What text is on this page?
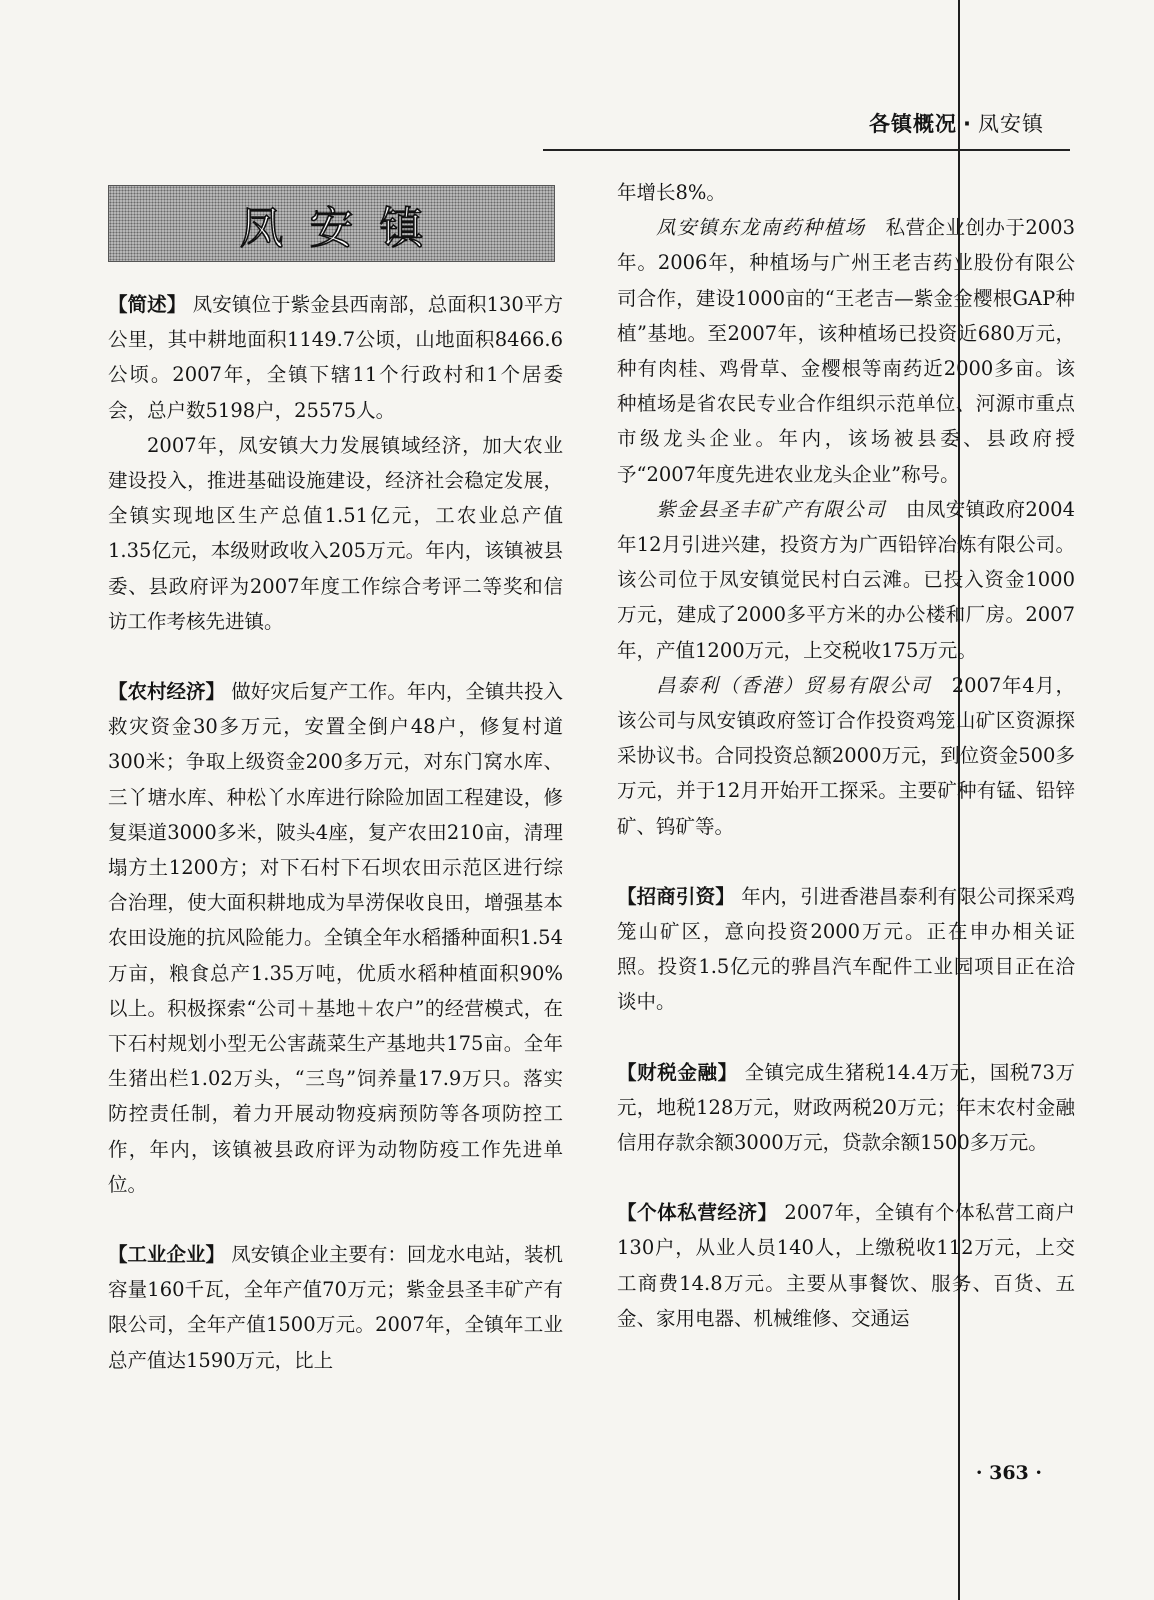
各镇概况 · 凤安镇
凤安镇

【简述】 凤安镇位于紫金县西南部，总面积130平方公里，其中耕地面积1149.7公顷，山地面积8466.6公顷。2007年，全镇下辖11个行政村和1个居委会，总户数5198户，25575人。

2007年，凤安镇大力发展镇域经济，加大农业建设投入，推进基础设施建设，经济社会稳定发展，全镇实现地区生产总值1.51亿元，工农业总产值1.35亿元，本级财政收入205万元。年内，该镇被县委、县政府评为2007年度工作综合考评二等奖和信访工作考核先进镇。

【农村经济】 做好灾后复产工作。年内，全镇共投入救灾资金30多万元，安置全倒户48户，修复村道300米；争取上级资金200多万元，对东门窝水库、三丫塘水库、种松丫水库进行除险加固工程建设，修复渠道3000多米，陂头4座，复产农田210亩，清理塌方土1200方；对下石村下石坝农田示范区进行综合治理，使大面积耕地成为旱涝保收良田，增强基本农田设施的抗风险能力。全镇全年水稻播种面积1.54万亩，粮食总产1.35万吨，优质水稻种植面积90%以上。积极探索“公司＋基地＋农户”的经营模式，在下石村规划小型无公害蔬菜生产基地共175亩。全年生猪出栏1.02万头，“三鸟”饲养量17.9万只。落实防控责任制，着力开展动物疫病预防等各项防控工作，年内，该镇被县政府评为动物防疫工作先进单位。

【工业企业】 凤安镇企业主要有：回龙水电站，装机容量160千瓦，全年产值70万元；紫金县圣丰矿产有限公司，全年产值1500万元。2007年，全镇年工业总产值达1590万元，比上

年增长8%。

凤安镇东龙南药种植场　 私营企业创办于2003年。2006年，种植场与广州王老吉药业股份有限公司合作，建设1000亩的“王老吉—紫金金樱根GAP种植”基地。至2007年，该种植场已投资近680万元，种有肉桂、鸡骨草、金樱根等南药近2000多亩。该种植场是省农民专业合作组织示范单位、河源市重点市级龙头企业。年内，该场被县委、县政府授予“2007年度先进农业龙头企业”称号。

紫金县圣丰矿产有限公司　 由凤安镇政府2004年12月引进兴建，投资方为广西铅锌冶炼有限公司。该公司位于凤安镇觉民村白云滩。已投入资金1000万元，建成了2000多平方米的办公楼和厂房。2007年，产值1200万元，上交税收175万元。

昌泰利（香港）贸易有限公司　 2007年4月，该公司与凤安镇政府签订合作投资鸡笼山矿区资源探采协议书。合同投资总额2000万元，到位资金500多万元，并于12月开始开工探采。主要矿种有锰、铅锌矿、钨矿等。

【招商引资】 年内，引进香港昌泰利有限公司探采鸡笼山矿区，意向投资2000万元。正在申办相关证照。投资1.5亿元的骅昌汽车配件工业园项目正在洽谈中。

【财税金融】 全镇完成生猪税14.4万元，国税73万元，地税128万元，财政两税20万元；年末农村金融信用存款余额3000万元，贷款余额1500多万元。

【个体私营经济】 2007年，全镇有个体私营工商户130户，从业人员140人，上缴税收112万元，上交工商费14.8万元。主要从事餐饮、服务、百货、五金、家用电器、机械维修、交通运

· 363 ·
